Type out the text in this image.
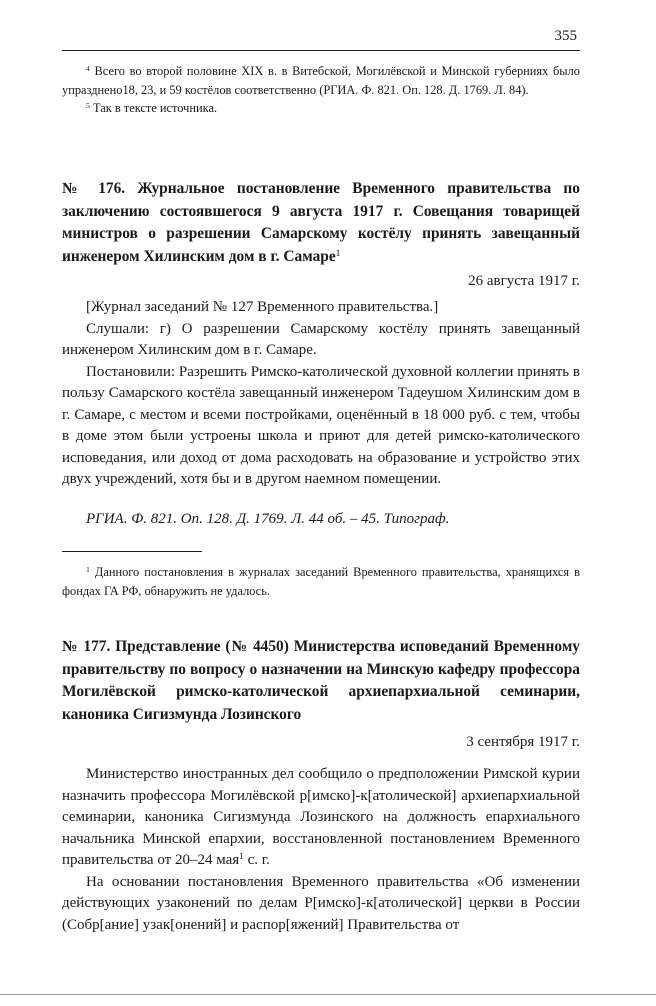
355

$^4$ Всего во второй половине XIX в. в Витебской, Могилёвской и Минской губерниях было упразднено18, 23, и 59 костёлов соответственно (РГИА. Ф. 821. Оп. 128. Д. 1769. Л. 84).

$^5$ Так в тексте источника.

№ 176. Журнальное постановление Временного правительства по заключению состоявшегося 9 августа 1917 г. Совещания товарищей министров о разрешении Самарскому костёлу принять завещанный инженером Хилинским дом в г. Самаре$^1$
26 августа 1917 г.

[Журнал заседаний № 127 Временного правительства.]

Слушали: г) О разрешении Самарскому костёлу принять завещанный инженером Хилинским дом в г. Самаре.

Постановили: Разрешить Римско-католической духовной коллегии принять в пользу Самарского костёла завещанный инженером Тадеушом Хилинским дом в г. Самаре, с местом и всеми постройками, оценённый в 18 000 руб. с тем, чтобы в доме этом были устроены школа и приют для детей римско-католического исповедания, или доход от дома расходовать на образование и устройство этих двух учреждений, хотя бы и в другом наемном помещении.

РГИА. Ф. 821. Оп. 128. Д. 1769. Л. 44 об. – 45. Типограф.

$^1$ Данного постановления в журналах заседаний Временного правительства, хранящихся в фондах ГА РФ, обнаружить не удалось.

№ 177. Представление (№ 4450) Министерства исповеданий Временному правительству по вопросу о назначении на Минскую кафедру профессора Могилёвской римско-католической архиепархиальной семинарии, каноника Сигизмунда Лозинского
3 сентября 1917 г.

Министерство иностранных дел сообщило о предположении Римской курии назначить профессора Могилёвской р[имско]-к[атолической] архиепархиальной семинарии, каноника Сигизмунда Лозинского на должность епархиального начальника Минской епархии, восстановленной постановлением Временного правительства от 20–24 мая$^1$ с. г.

На основании постановления Временного правительства «Об изменении действующих узаконений по делам Р[имско]-к[атолической] церкви в России (Собр[ание] узак[онений] и распор[яжений] Правительства от
